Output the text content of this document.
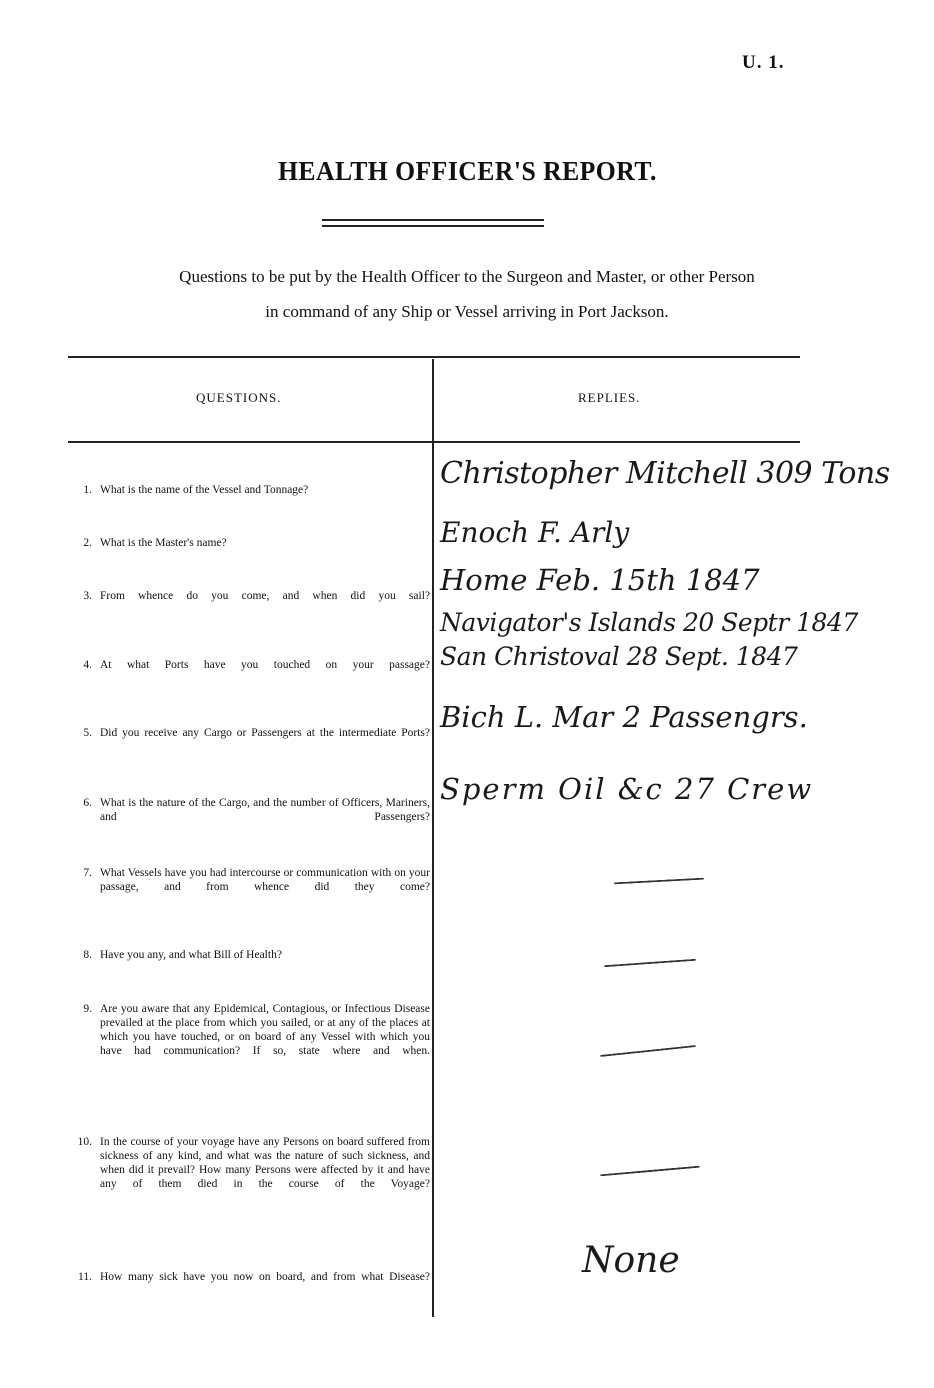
U. 1.
HEALTH OFFICER'S REPORT.
Questions to be put by the Health Officer to the Surgeon and Master, or other Person
in command of any Ship or Vessel arriving in Port Jackson.
QUESTIONS.	REPLIES.
1. What is the name of the Vessel and Tonnage?
2. What is the Master's name?
3. From whence do you come, and when did you sail?
4. At what Ports have you touched on your passage?
5. Did you receive any Cargo or Passengers at the intermediate Ports?
6. What is the nature of the Cargo, and the number of Officers, Mariners, and Passengers?
7. What Vessels have you had intercourse or communication with on your passage, and from whence did they come?
8. Have you any, and what Bill of Health?
9. Are you aware that any Epidemical, Contagious, or Infectious Disease prevailed at the place from which you sailed, or at any of the places at which you have touched, or on board of any Vessel with which you have had communication? If so, state where and when.
10. In the course of your voyage have any Persons on board suffered from sickness of any kind, and what was the nature of such sickness, and when did it prevail? How many Persons were affected by it and have any of them died in the course of the Voyage?
11. How many sick have you now on board, and from what Disease?
Christopher Mitchell 309 Tons
Enoch F. Arly
Home Feb. 15th 1847
Navigator's Islands 20 Septr 1847
San Christoval 28 Sept. 1847
Bich L. Mar 2 Passengrs.
Sperm Oil &c 27 Crew
None
